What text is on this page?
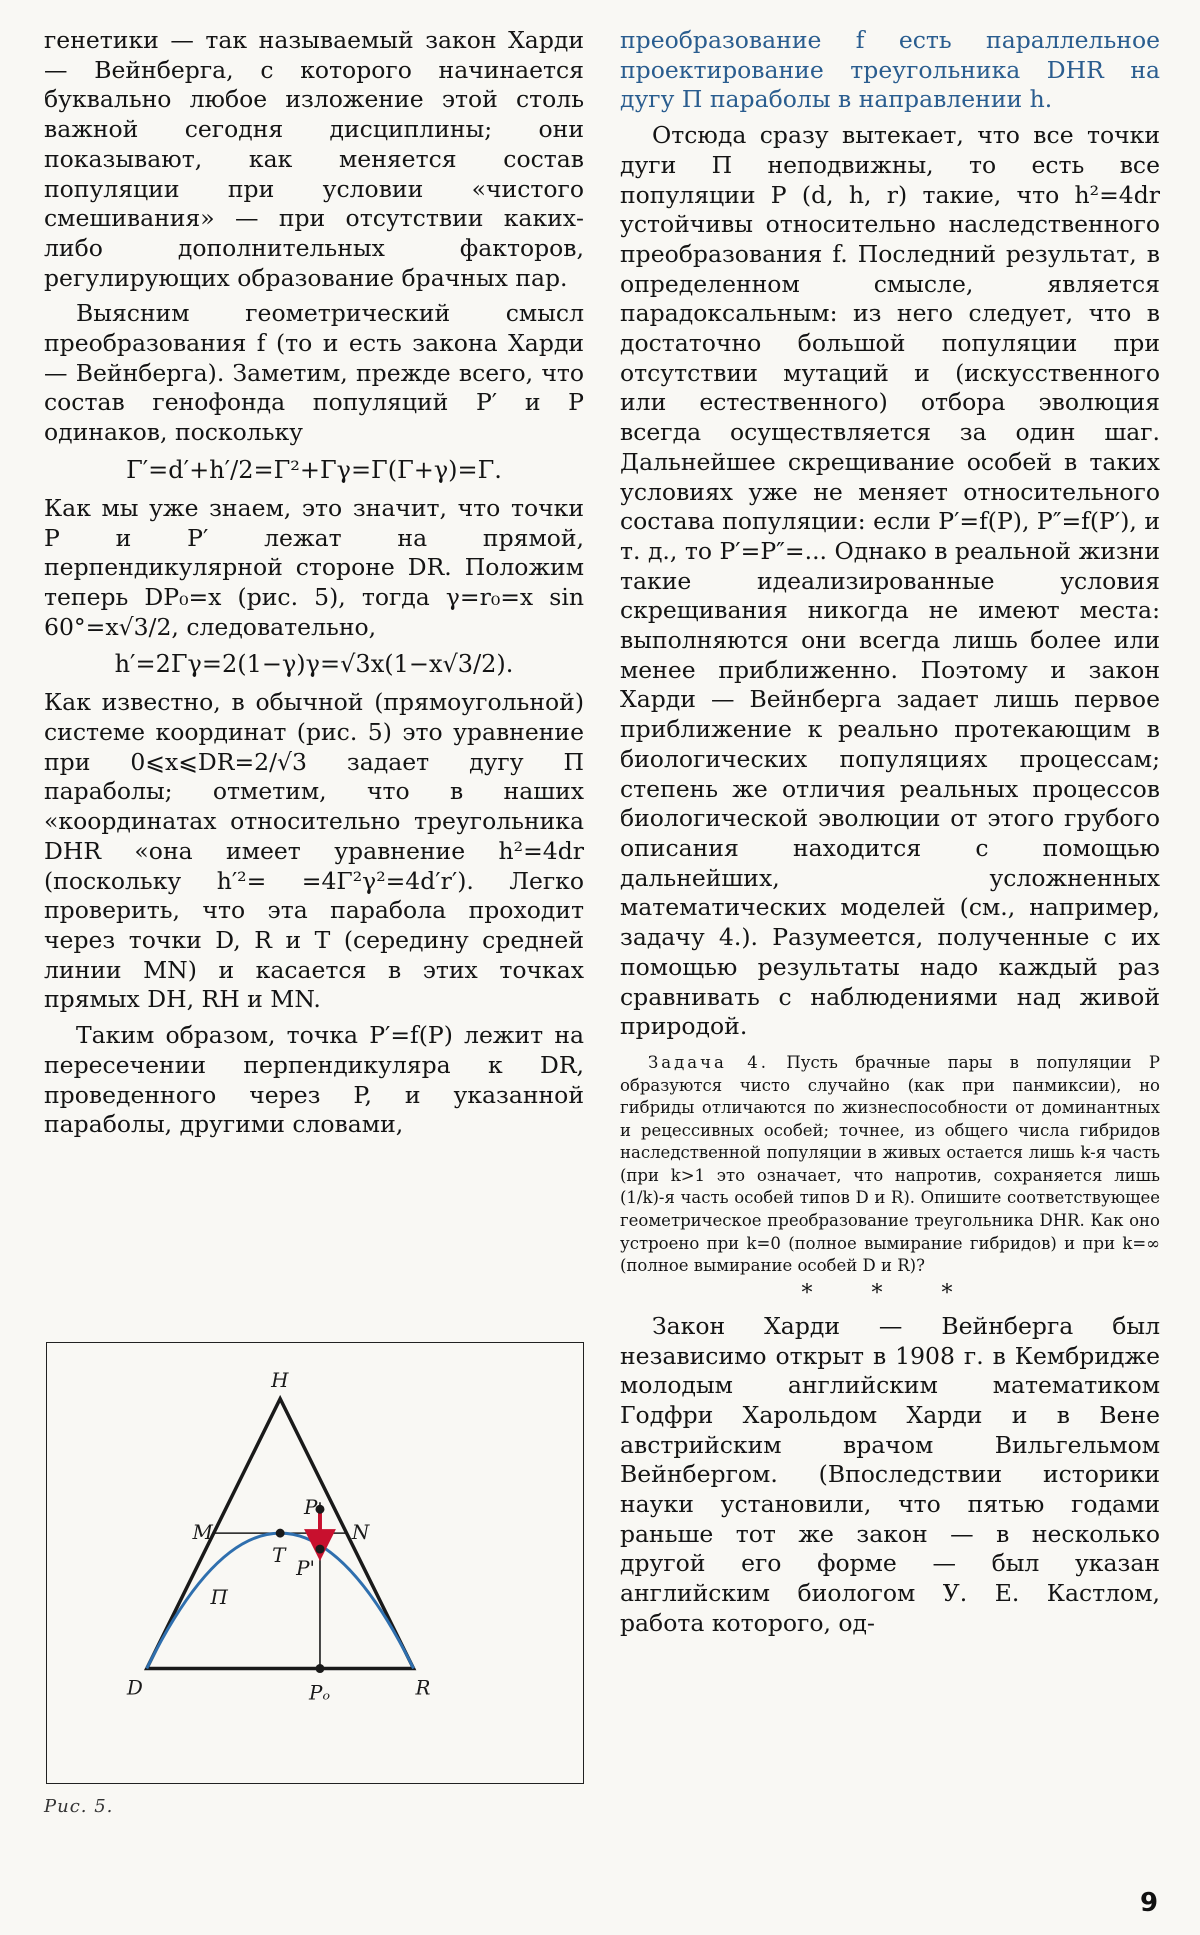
генетики — так называемый закон Харди — Вейнберга, с которого начинается буквально любое изложение этой столь важной сегодня дисциплины; они показывают, как меняется состав популяции при условии «чистого смешивания» — при отсутствии каких-либо дополнительных факторов, регулирующих образование брачных пар.

Выясним геометрический смысл преобразования f (то и есть закона Харди — Вейнберга). Заметим, прежде всего, что состав генофонда популяций P′ и P одинаков, поскольку

Γ′=d′+h′/2=Γ²+Γγ=Γ(Γ+γ)=Γ.

Как мы уже знаем, это значит, что точки P и P′ лежат на прямой, перпендикулярной стороне DR. Положим теперь DP₀=x (рис. 5), тогда γ=r₀=x sin 60°=x√3/2, следовательно,

h′=2Γγ=2(1−γ)γ=√3x(1−x√3/2).

Как известно, в обычной (прямоугольной) системе координат (рис. 5) это уравнение при 0⩽x⩽DR=2/√3 задает дугу П параболы; отметим, что в наших «координатах относительно треугольника DHR «она имеет уравнение h²=4dr (поскольку h′²= =4Γ²γ²=4d′r′). Легко проверить, что эта парабола проходит через точки D, R и T (середину средней линии MN) и касается в этих точках прямых DH, RH и MN.

Таким образом, точка P′=f(P) лежит на пересечении перпендикуляра к DR, проведенного через P, и указанной параболы, другими словами,

H
M	N
T
P
P'
П
D	R
Pₒ
Рис. 5.

преобразование f есть параллельное проектирование треугольника DHR на дугу П параболы в направлении h.

Отсюда сразу вытекает, что все точки дуги П неподвижны, то есть все популяции P (d, h, r) такие, что h²=4dr устойчивы относительно наследственного преобразования f. Последний результат, в определенном смысле, является парадоксальным: из него следует, что в достаточно большой популяции при отсутствии мутаций и (искусственного или естественного) отбора эволюция всегда осуществляется за один шаг. Дальнейшее скрещивание особей в таких условиях уже не меняет относительного состава популяции: если P′=f(P), P″=f(P′), и т. д., то P′=P″=... Однако в реальной жизни такие идеализированные условия скрещивания никогда не имеют места: выполняются они всегда лишь более или менее приближенно. Поэтому и закон Харди — Вейнберга задает лишь первое приближение к реально протекающим в биологических популяциях процессам; степень же отличия реальных процессов биологической эволюции от этого грубого описания находится с помощью дальнейших, усложненных математических моделей (см., например, задачу 4.). Разумеется, полученные с их помощью результаты надо каждый раз сравнивать с наблюдениями над живой природой.

Задача 4. Пусть брачные пары в популяции P образуются чисто случайно (как при панмиксии), но гибриды отличаются по жизнеспособности от доминантных и рецессивных особей; точнее, из общего числа гибридов наследственной популяции в живых остается лишь k-я часть (при k>1 это означает, что напротив, сохраняется лишь (1/k)-я часть особей типов D и R). Опишите соответствующее геометрическое преобразование треугольника DHR. Как оно устроено при k=0 (полное вымирание гибридов) и при k=∞ (полное вымирание особей D и R)?

* * *

Закон Харди — Вейнберга был независимо открыт в 1908 г. в Кембридже молодым английским математиком Годфри Харольдом Харди и в Вене австрийским врачом Вильгельмом Вейнбергом. (Впоследствии историки науки установили, что пятью годами раньше тот же закон — в несколько другой его форме — был указан английским биологом У. Е. Кастлом, работа которого, од-

9
